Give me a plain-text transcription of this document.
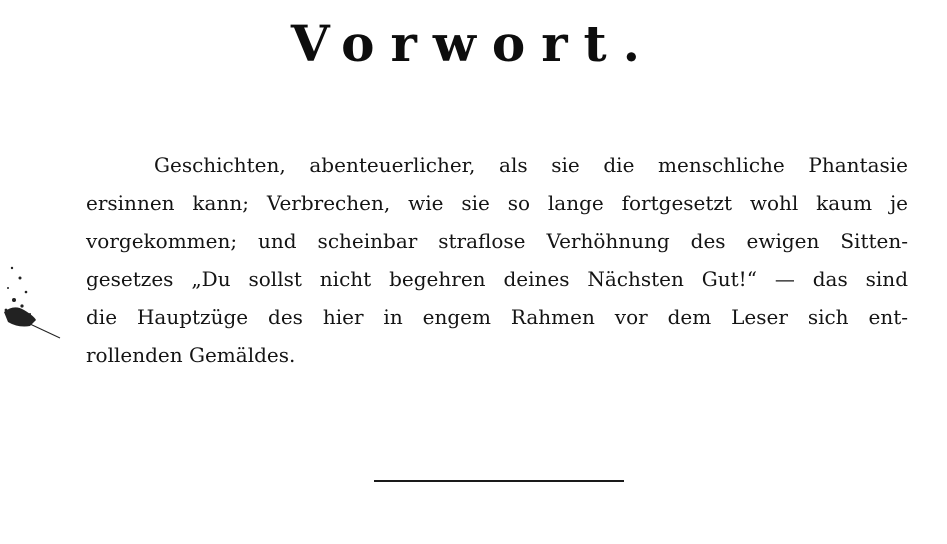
Vorwort.
Geschichten, abenteuerlicher, als sie die menschliche Phantasie
ersinnen kann; Verbrechen, wie sie so lange fortgesetzt wohl kaum je
vorgekommen; und scheinbar straflose Verhöhnung des ewigen Sitten-
gesetzes „Du sollst nicht begehren deines Nächsten Gut!“ — das sind
die Hauptzüge des hier in engem Rahmen vor dem Leser sich ent-
rollenden Gemäldes.
